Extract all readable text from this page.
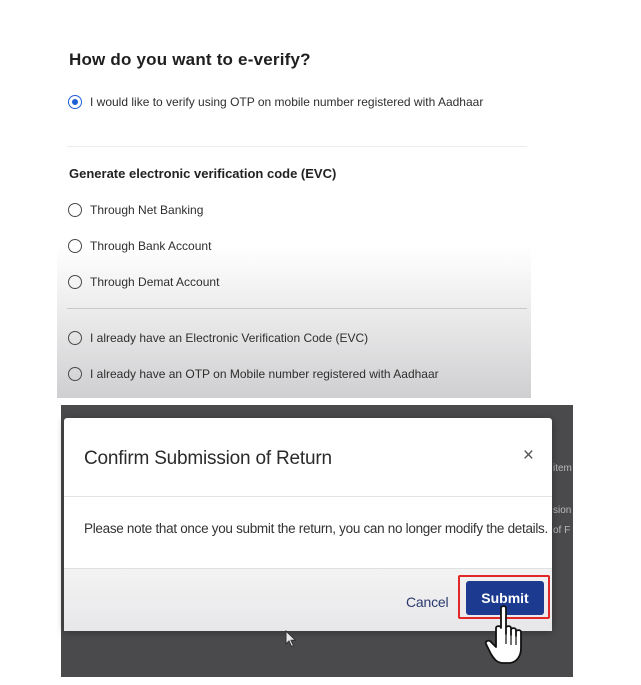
How do you want to e-verify?
I would like to verify using OTP on mobile number registered with Aadhaar
Generate electronic verification code (EVC)
Through Net Banking
Through Bank Account
Through Demat Account
I already have an Electronic Verification Code (EVC)
I already have an OTP on Mobile number registered with Aadhaar
item
sion
of F
Confirm Submission of Return	×
Please note that once you submit the return, you can no longer modify the details.
Cancel	Submit
